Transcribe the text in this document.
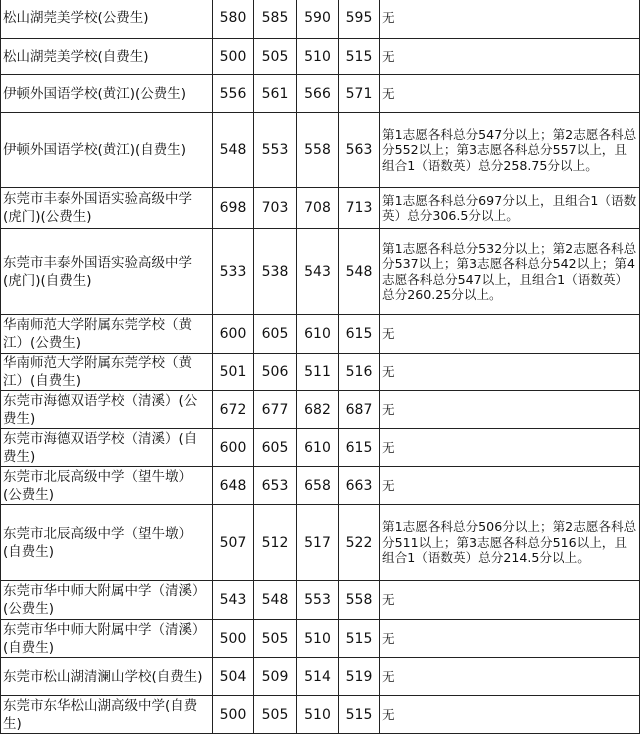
松山湖莞美学校(公费生)	580	585	590	595	无
松山湖莞美学校(自费生)	500	505	510	515	无
伊顿外国语学校(黄江)(公费生)	556	561	566	571	无
伊顿外国语学校(黄江)(自费生)	548	553	558	563	第1志愿各科总分547分以上；第2志愿各科总分552以上；第3志愿各科总分557以上，且组合1（语数英）总分258.75分以上。
东莞市丰泰外国语实验高级中学(虎门)(公费生)	698	703	708	713	第1志愿各科总分697分以上，且组合1（语数英）总分306.5分以上。
东莞市丰泰外国语实验高级中学(虎门)(自费生)	533	538	543	548	第1志愿各科总分532分以上；第2志愿各科总分537以上；第3志愿各科总分542以上；第4志愿各科总分547以上，且组合1（语数英）总分260.25分以上。
华南师范大学附属东莞学校（黄江）(公费生)	600	605	610	615	无
华南师范大学附属东莞学校（黄江）(自费生)	501	506	511	516	无
东莞市海德双语学校（清溪）(公费生)	672	677	682	687	无
东莞市海德双语学校（清溪）(自费生)	600	605	610	615	无
东莞市北辰高级中学（望牛墩）(公费生)	648	653	658	663	无
东莞市北辰高级中学（望牛墩）(自费生)	507	512	517	522	第1志愿各科总分506分以上；第2志愿各科总分511以上；第3志愿各科总分516以上，且组合1（语数英）总分214.5分以上。
东莞市华中师大附属中学（清溪）(公费生)	543	548	553	558	无
东莞市华中师大附属中学（清溪）(自费生)	500	505	510	515	无
东莞市松山湖清澜山学校(自费生)	504	509	514	519	无
东莞市东华松山湖高级中学(自费生)	500	505	510	515	无
